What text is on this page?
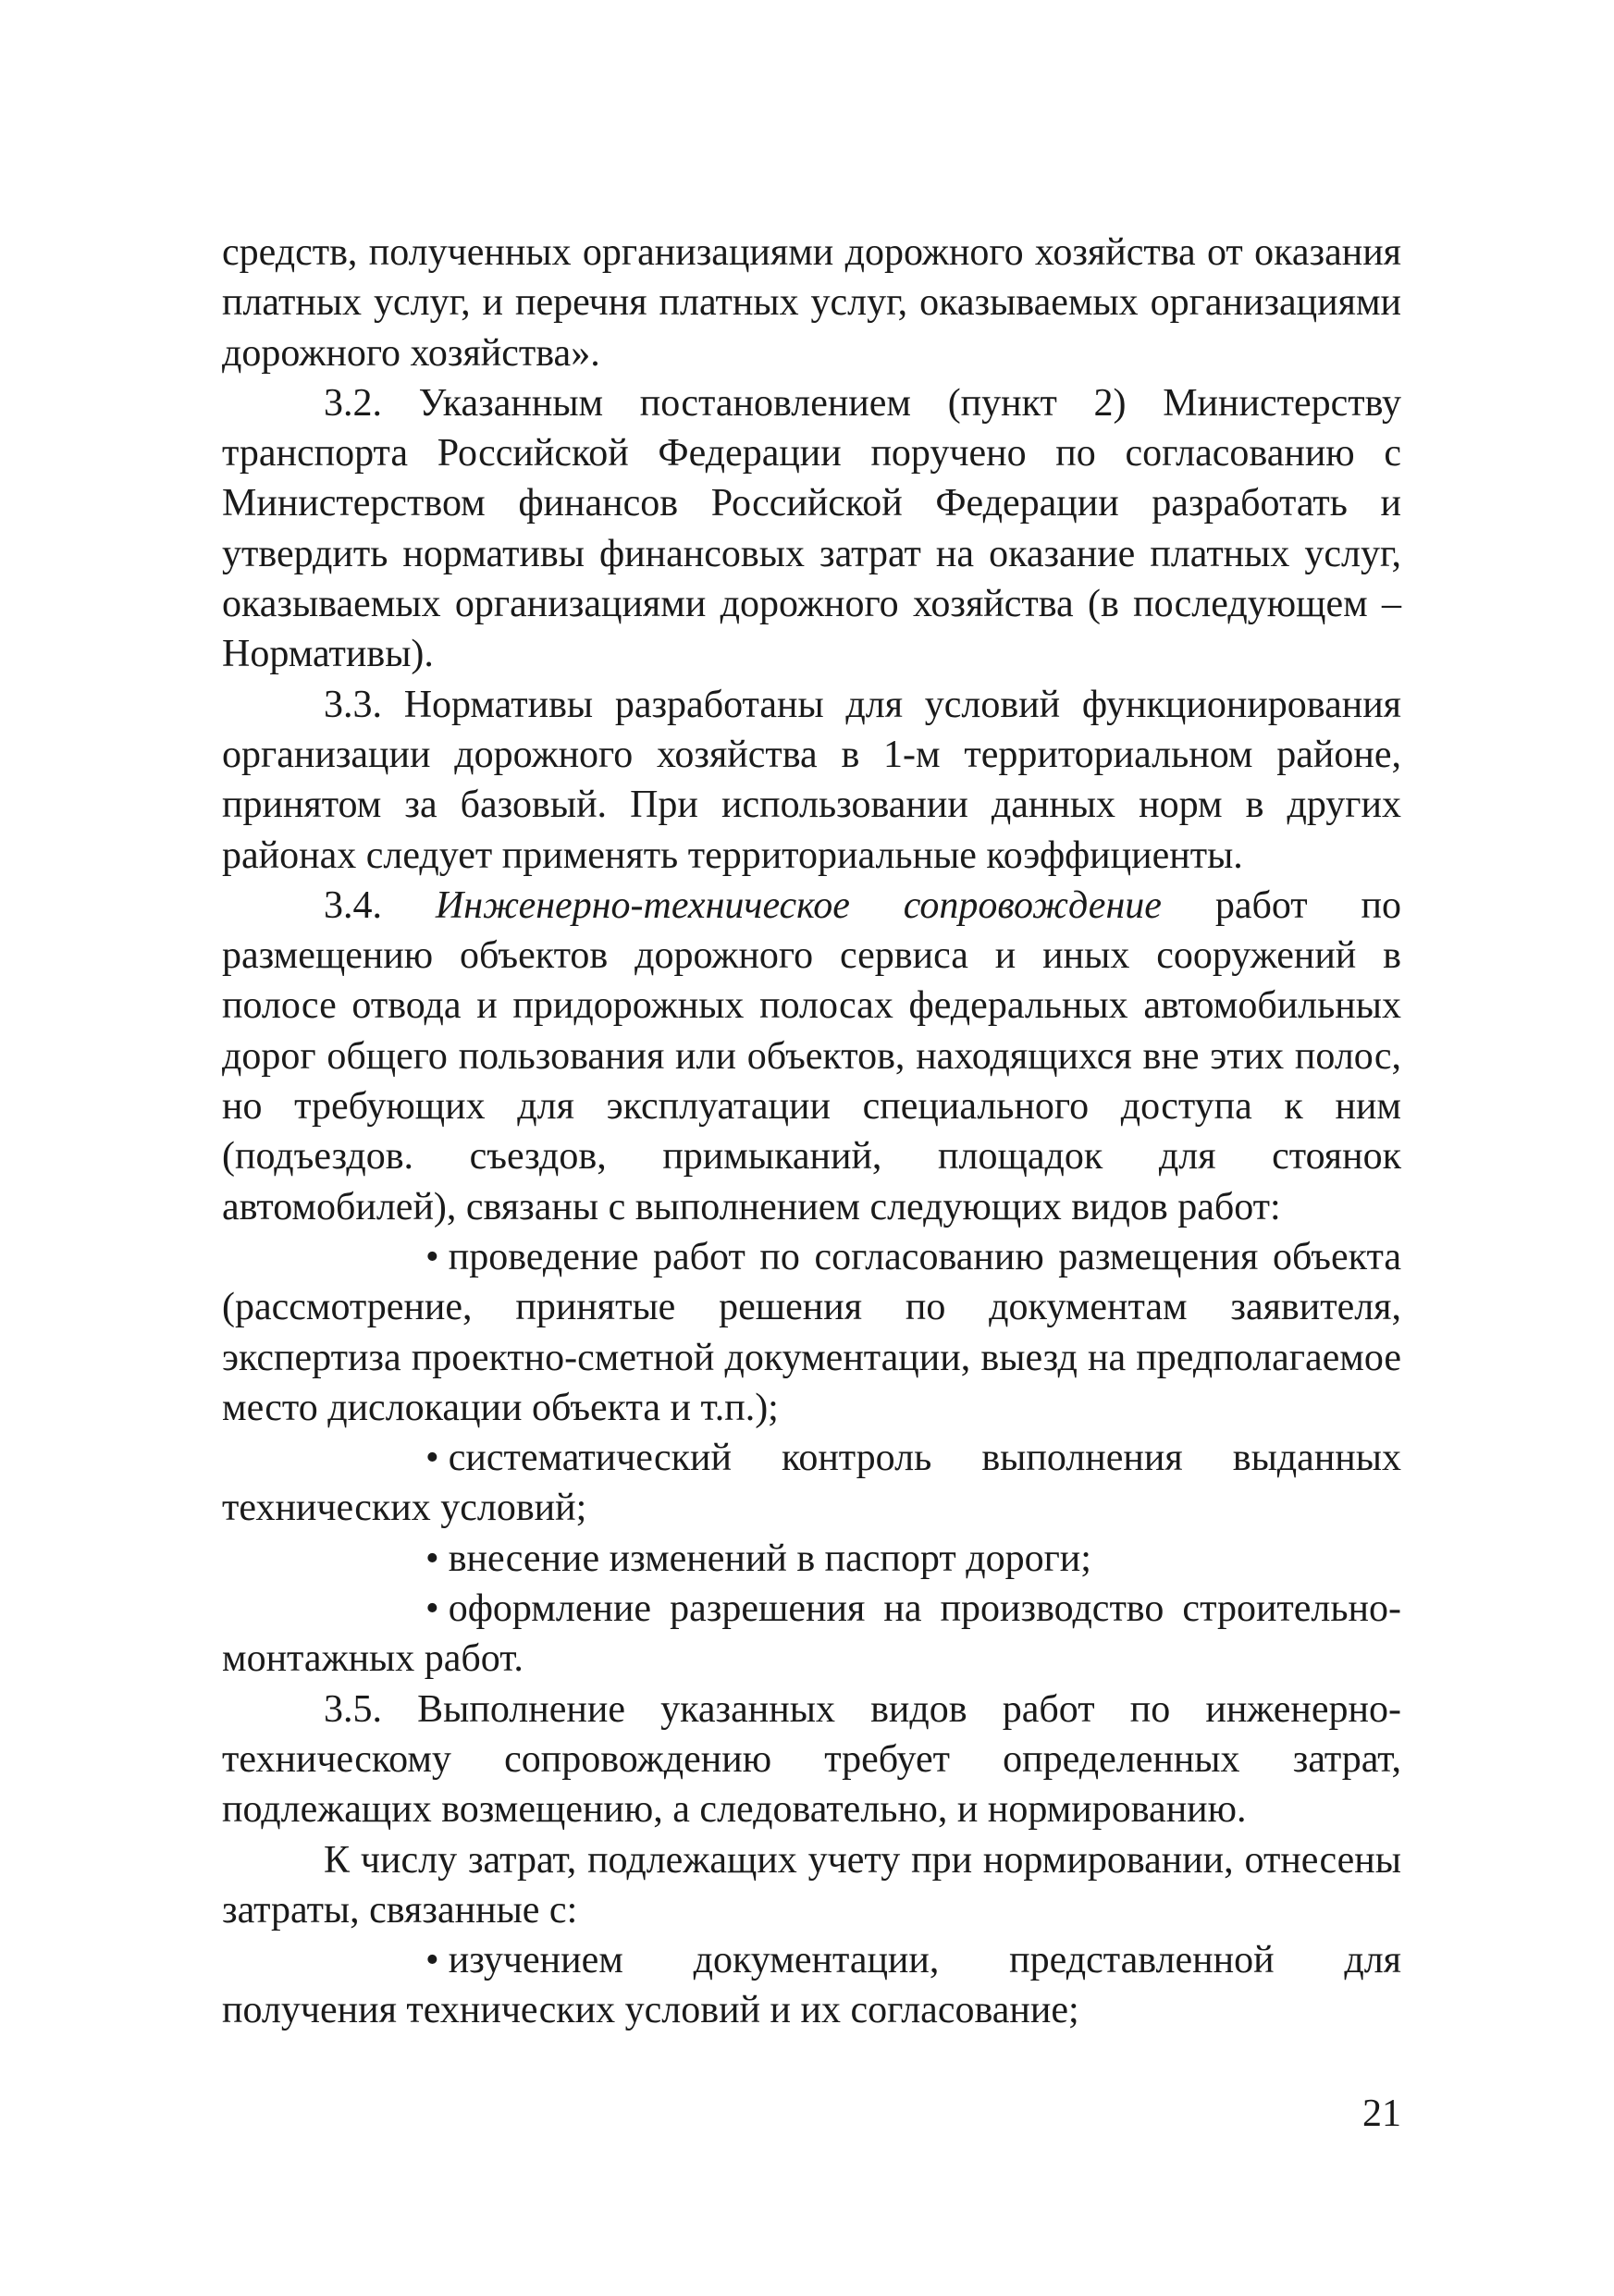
средств, полученных организациями дорожного хозяйства от оказания платных услуг, и перечня платных услуг, оказываемых организациями дорожного хозяйства».

3.2. Указанным постановлением (пункт 2) Министерству транспорта Российской Федерации поручено по согласованию с Министерством финансов Российской Федерации разработать и утвердить нормативы финансовых затрат на оказание платных услуг, оказываемых организациями дорожного хозяйства (в последующем – Нормативы).

3.3. Нормативы разработаны для условий функционирования организации дорожного хозяйства в 1-м территориальном районе, принятом за базовый. При использовании данных норм в других районах следует применять территориальные коэффициенты.

3.4. Инженерно-техническое сопровождение работ по размещению объектов дорожного сервиса и иных сооружений в полосе отвода и придорожных полосах федеральных автомобильных дорог общего пользования или объектов, находящихся вне этих полос, но требующих для эксплуатации специального доступа к ним (подъездов. съездов, примыканий, площадок для стоянок автомобилей), связаны с выполнением следующих видов работ:

• проведение работ по согласованию размещения объекта (рассмотрение, принятые решения по документам заявителя, экспертиза проектно-сметной документации, выезд на предполагаемое место дислокации объекта и т.п.);

• систематический контроль выполнения выданных технических условий;

• внесение изменений в паспорт дороги;

• оформление разрешения на производство строительно-монтажных работ.

3.5. Выполнение указанных видов работ по инженерно-техническому сопровождению требует определенных затрат, подлежащих возмещению, а следовательно, и нормированию.

К числу затрат, подлежащих учету при нормировании, отнесены затраты, связанные с:

• изучением документации, представленной для получения технических условий и их согласование;

21
